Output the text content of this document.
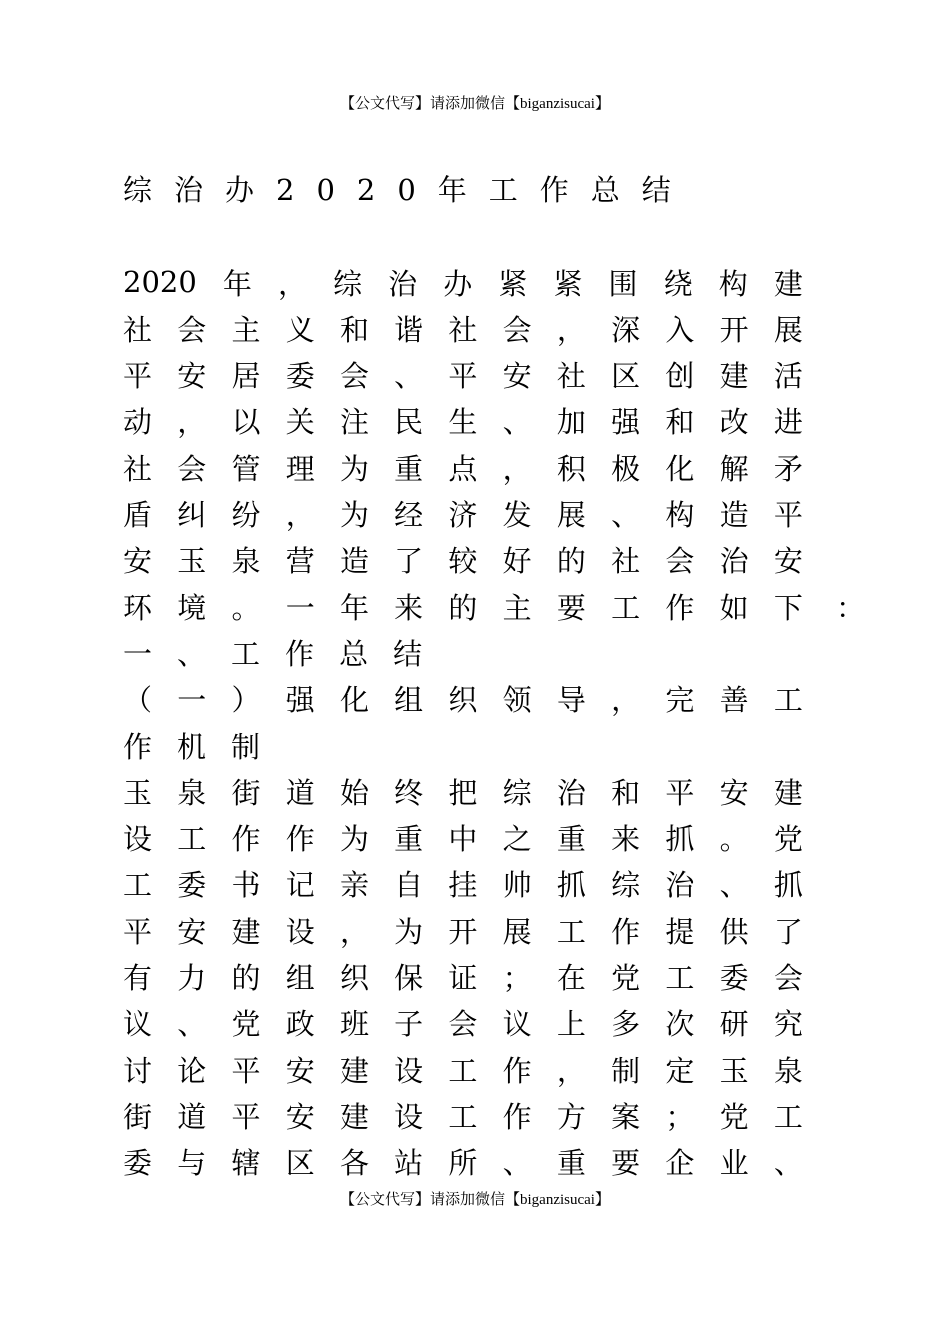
【公文代写】请添加微信【biganzisucai】
综治办2020年工作总结
2020 年 ， 综 治 办 紧 紧 围 绕 构 建
社 会 主 义 和 谐 社 会 ， 深 入 开 展
平 安 居 委 会 、 平 安 社 区 创 建 活
动 ， 以 关 注 民 生 、 加 强 和 改 进
社 会 管 理 为 重 点 ， 积 极 化 解 矛
盾 纠 纷 ， 为 经 济 发 展 、 构 造 平
安 玉 泉 营 造 了 较 好 的 社 会 治 安
环 境 。 一 年 来 的 主 要 工 作 如 下
一 、 工 作 总 结
（ 一 ） 强 化 组 织 领 导 ， 完 善 工
作 机 制
玉 泉 街 道 始 终 把 综 治 和 平 安 建
设 工 作 作 为 重 中 之 重 来 抓 。 党
工 委 书 记 亲 自 挂 帅 抓 综 治 、 抓
平 安 建 设 ， 为 开 展 工 作 提 供 了
有 力 的 组 织 保 证 ； 在 党 工 委 会
议 、 党 政 班 子 会 议 上 多 次 研 究
讨 论 平 安 建 设 工 作 ， 制 定 玉 泉
街 道 平 安 建 设 工 作 方 案 ； 党 工
委 与 辖 区 各 站 所 、 重 要 企 业 、
：
【公文代写】请添加微信【biganzisucai】
